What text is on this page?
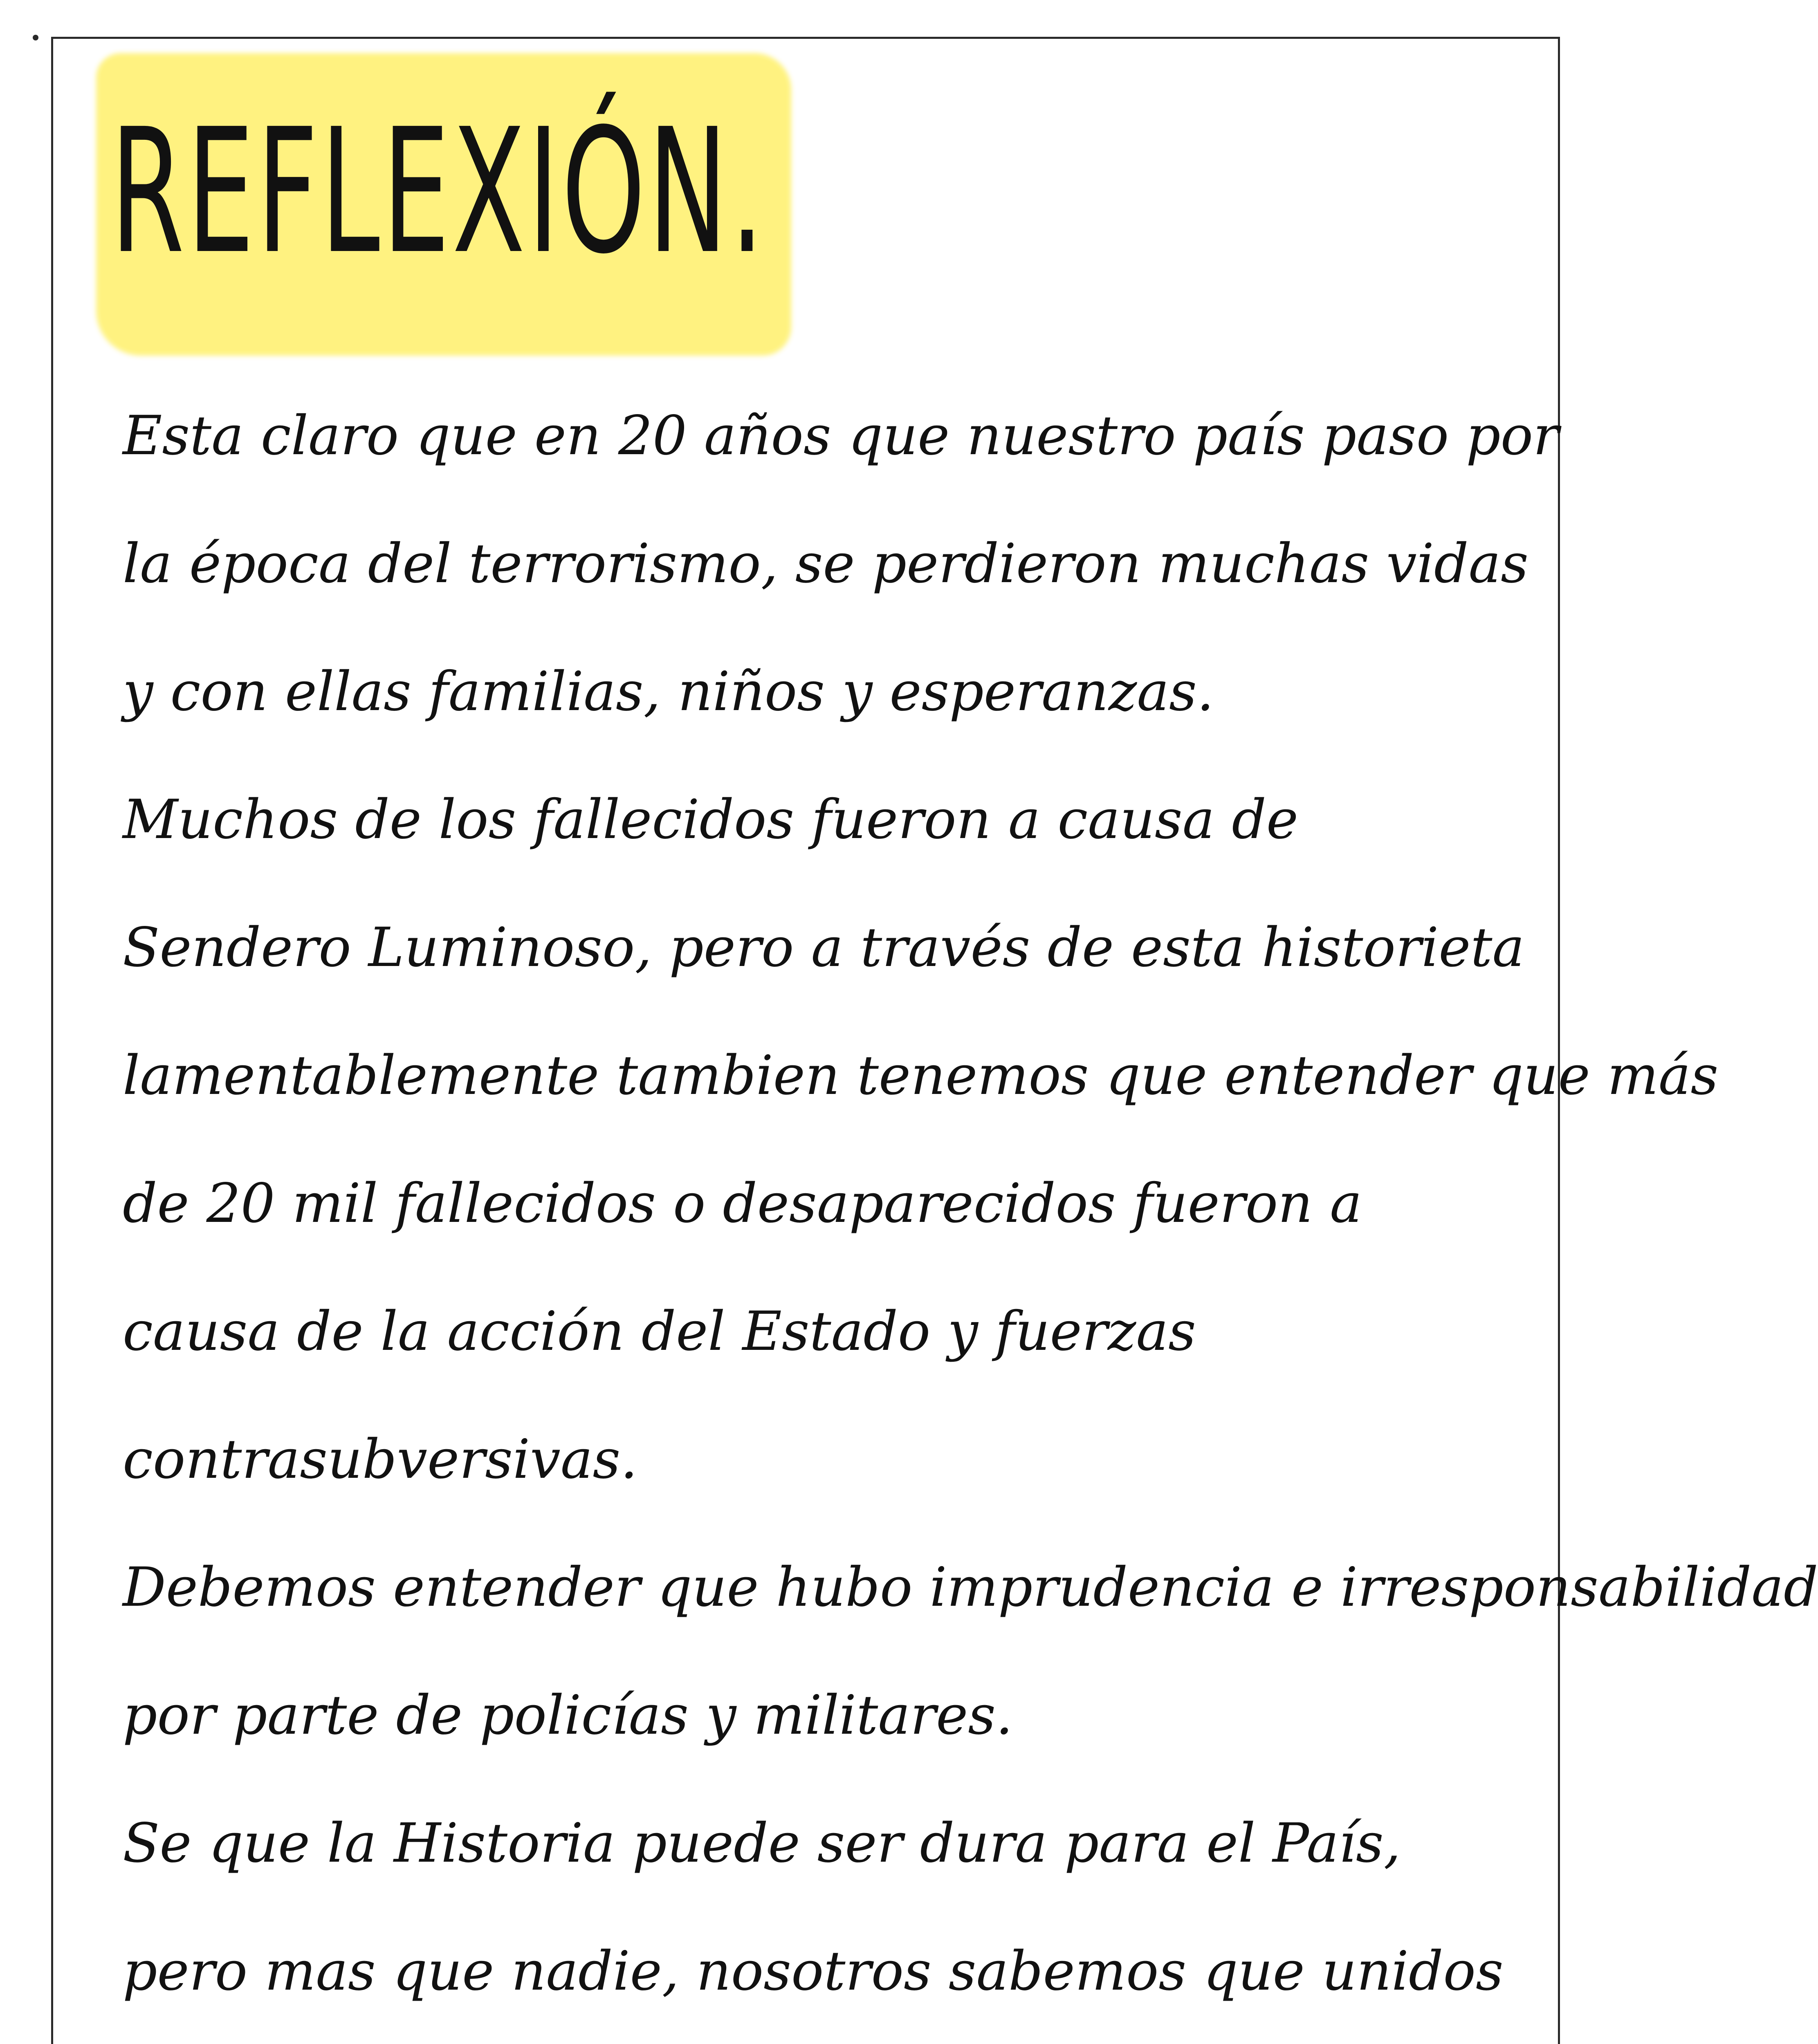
REFLEXIÓN.
Esta claro que en 20 años que nuestro país paso por
la época del terrorismo, se perdieron muchas vidas
y con ellas familias, niños y esperanzas.
Muchos de los fallecidos fueron a causa de
Sendero Luminoso, pero a través de esta historieta
lamentablemente tambien tenemos que entender que más
de 20 mil fallecidos o desaparecidos fueron a
causa de la acción del Estado y fuerzas
contrasubversivas.
Debemos entender que hubo imprudencia e irresponsabilidad
por parte de policías y militares.
Se que la Historia puede ser dura para el País,
pero mas que nadie, nosotros sabemos que unidos
